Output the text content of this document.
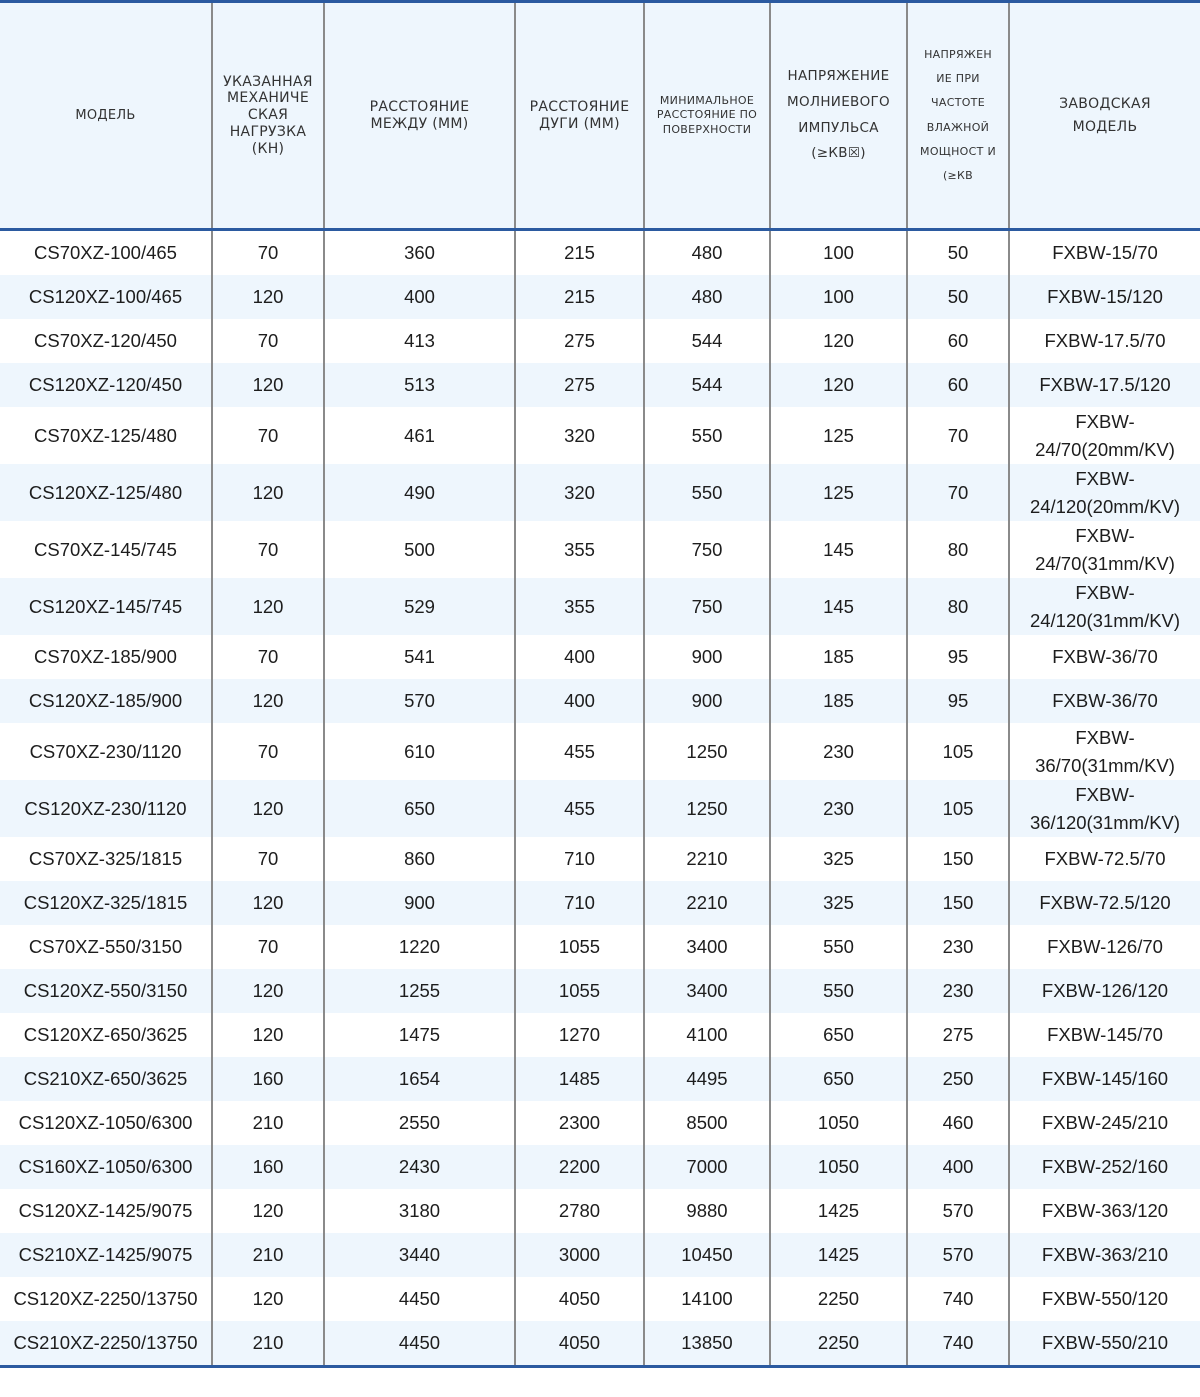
МОДЕЛЬ	УКАЗАННАЯ МЕХАНИЧЕ СКАЯ НАГРУЗКА (КН)	РАССТОЯНИЕ МЕЖДУ (ММ)	РАССТОЯНИЕ ДУГИ (ММ)	МИНИМАЛЬНОЕ РАССТОЯНИЕ ПО ПОВЕРХНОСТИ	НАПРЯЖЕНИЕ МОЛНИЕВОГО ИМПУЛЬСА (≥КВ☒)	НАПРЯЖЕН ИЕ ПРИ ЧАСТОТЕ ВЛАЖНОЙ МОЩНОСТ И (≥КВ	ЗАВОДСКАЯ МОДЕЛЬ
CS70XZ-100/465	70	360	215	480	100	50	FXBW-15/70
CS120XZ-100/465	120	400	215	480	100	50	FXBW-15/120
CS70XZ-120/450	70	413	275	544	120	60	FXBW-17.5/70
CS120XZ-120/450	120	513	275	544	120	60	FXBW-17.5/120
CS70XZ-125/480	70	461	320	550	125	70	FXBW-24/70(20mm/KV)
CS120XZ-125/480	120	490	320	550	125	70	FXBW-24/120(20mm/KV)
CS70XZ-145/745	70	500	355	750	145	80	FXBW-24/70(31mm/KV)
CS120XZ-145/745	120	529	355	750	145	80	FXBW-24/120(31mm/KV)
CS70XZ-185/900	70	541	400	900	185	95	FXBW-36/70
CS120XZ-185/900	120	570	400	900	185	95	FXBW-36/70
CS70XZ-230/1120	70	610	455	1250	230	105	FXBW-36/70(31mm/KV)
CS120XZ-230/1120	120	650	455	1250	230	105	FXBW-36/120(31mm/KV)
CS70XZ-325/1815	70	860	710	2210	325	150	FXBW-72.5/70
CS120XZ-325/1815	120	900	710	2210	325	150	FXBW-72.5/120
CS70XZ-550/3150	70	1220	1055	3400	550	230	FXBW-126/70
CS120XZ-550/3150	120	1255	1055	3400	550	230	FXBW-126/120
CS120XZ-650/3625	120	1475	1270	4100	650	275	FXBW-145/70
CS210XZ-650/3625	160	1654	1485	4495	650	250	FXBW-145/160
CS120XZ-1050/6300	210	2550	2300	8500	1050	460	FXBW-245/210
CS160XZ-1050/6300	160	2430	2200	7000	1050	400	FXBW-252/160
CS120XZ-1425/9075	120	3180	2780	9880	1425	570	FXBW-363/120
CS210XZ-1425/9075	210	3440	3000	10450	1425	570	FXBW-363/210
CS120XZ-2250/13750	120	4450	4050	14100	2250	740	FXBW-550/120
CS210XZ-2250/13750	210	4450	4050	13850	2250	740	FXBW-550/210
